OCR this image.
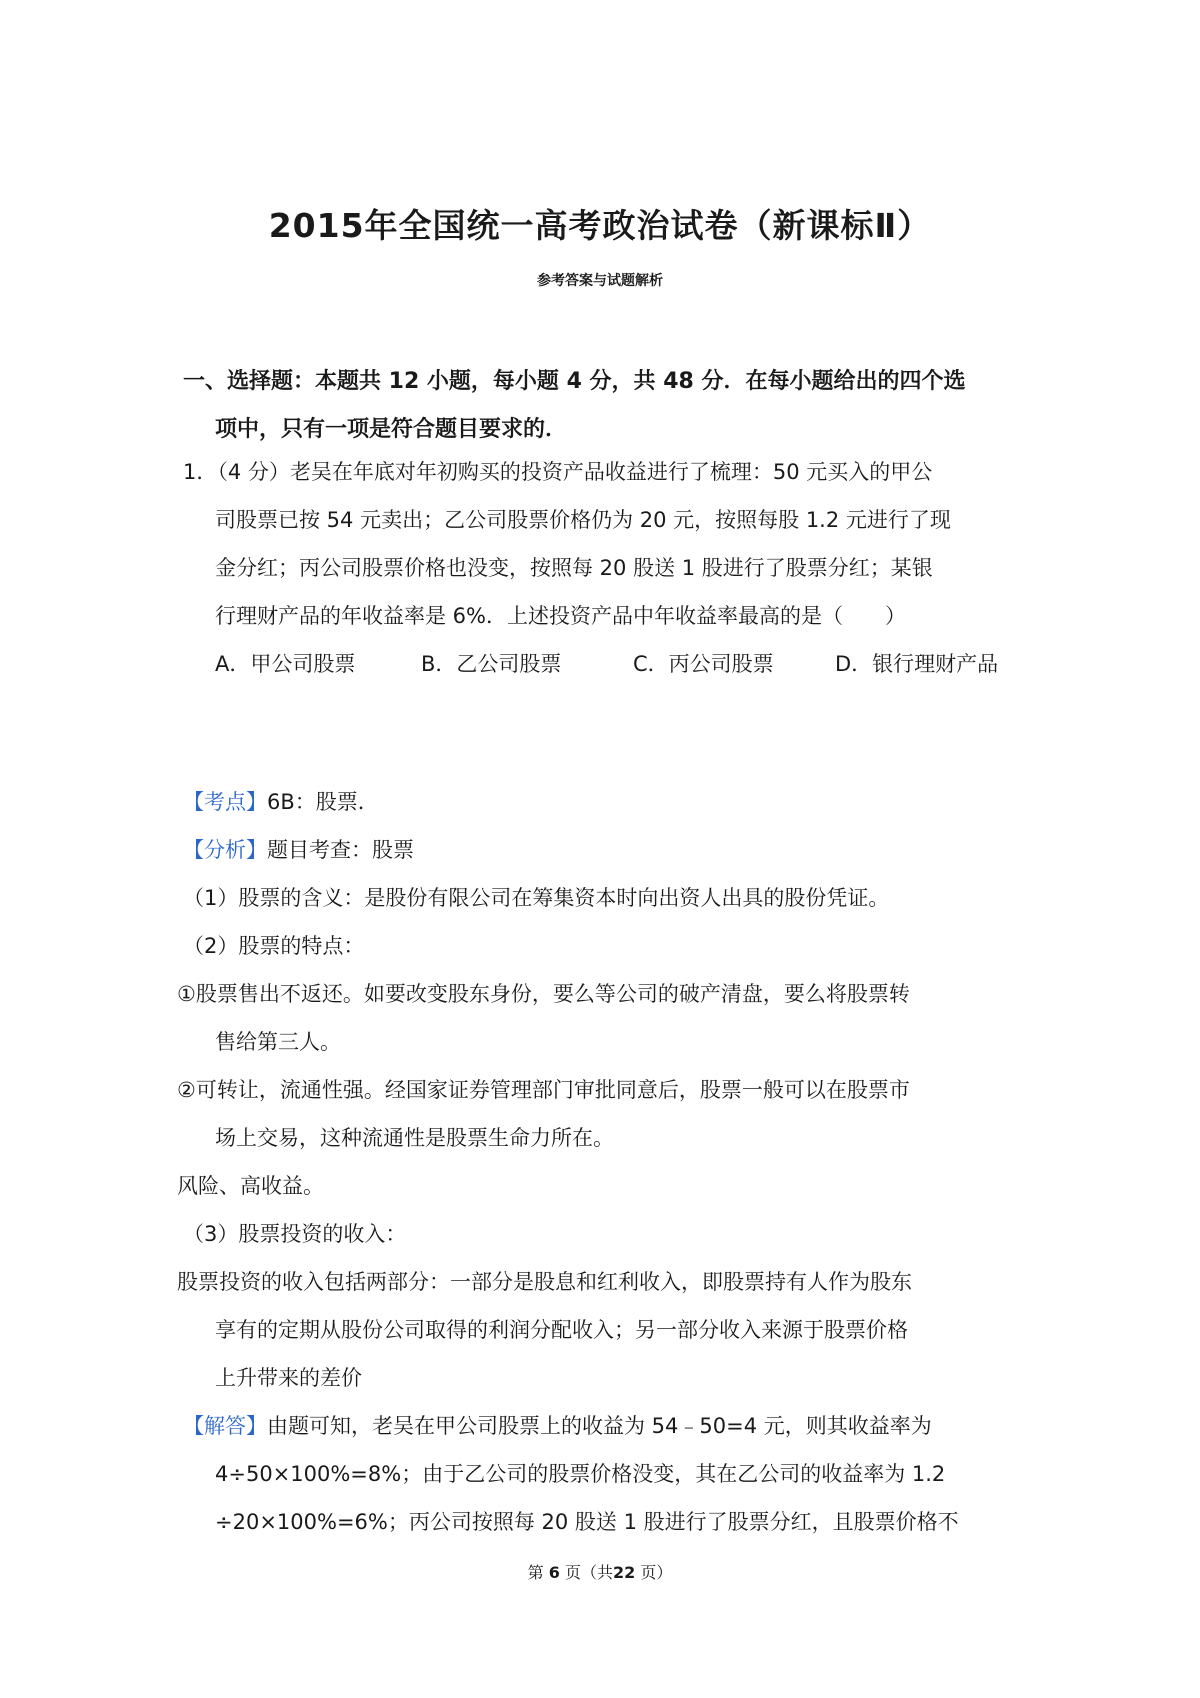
2015年全国统一高考政治试卷（新课标Ⅱ）
参考答案与试题解析
一、选择题：本题共 12 小题，每小题 4 分，共 48 分．在每小题给出的四个选
项中，只有一项是符合题目要求的．
1．（4 分）老吴在年底对年初购买的投资产品收益进行了梳理：50 元买入的甲公
司股票已按 54 元卖出；乙公司股票价格仍为 20 元，按照每股 1.2 元进行了现
金分红；丙公司股票价格也没变，按照每 20 股送 1 股进行了股票分红；某银
行理财产品的年收益率是 6%．上述投资产品中年收益率最高的是（　　）
A．甲公司股票	B．乙公司股票	C．丙公司股票	D．银行理财产品
【考点】6B：股票．
【分析】题目考查：股票
（1）股票的含义：是股份有限公司在筹集资本时向出资人出具的股份凭证。
（2）股票的特点：
①股票售出不返还。如要改变股东身份，要么等公司的破产清盘，要么将股票转
售给第三人。
②可转让，流通性强。经国家证券管理部门审批同意后，股票一般可以在股票市
场上交易，这种流通性是股票生命力所在。
风险、高收益。
（3）股票投资的收入：
股票投资的收入包括两部分：一部分是股息和红利收入，即股票持有人作为股东
享有的定期从股份公司取得的利润分配收入；另一部分收入来源于股票价格
上升带来的差价
【解答】由题可知，老吴在甲公司股票上的收益为 54﹣50=4 元，则其收益率为
4÷50×100%=8%；由于乙公司的股票价格没变，其在乙公司的收益率为 1.2
÷20×100%=6%；丙公司按照每 20 股送 1 股进行了股票分红，且股票价格不
第 6 页（共22 页）
